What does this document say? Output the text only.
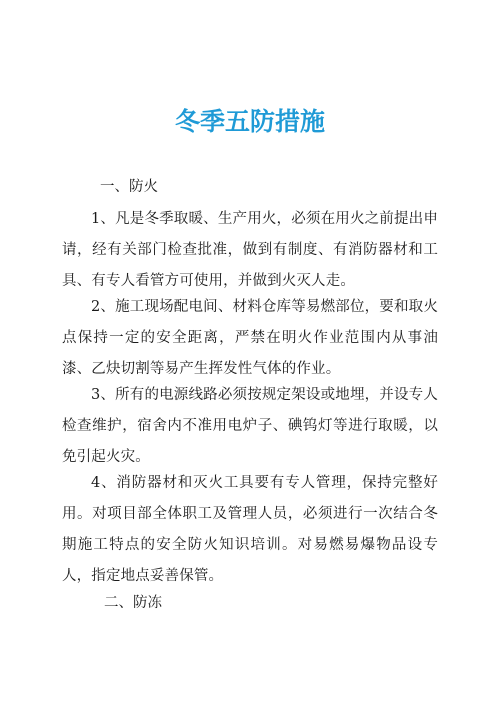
冬季五防措施

一、防火

1、凡是冬季取暖、生产用火，必须在用火之前提出申请，经有关部门检查批准，做到有制度、有消防器材和工具、有专人看管方可使用，并做到火灭人走。

2、施工现场配电间、材料仓库等易燃部位，要和取火点保持一定的安全距离，严禁在明火作业范围内从事油漆、乙炔切割等易产生挥发性气体的作业。

3、所有的电源线路必须按规定架设或地埋，并设专人检查维护，宿舍内不准用电炉子、碘钨灯等进行取暖，以免引起火灾。

4、消防器材和灭火工具要有专人管理，保持完整好用。对项目部全体职工及管理人员，必须进行一次结合冬期施工特点的安全防火知识培训。对易燃易爆物品设专人，指定地点妥善保管。

二、防冻
